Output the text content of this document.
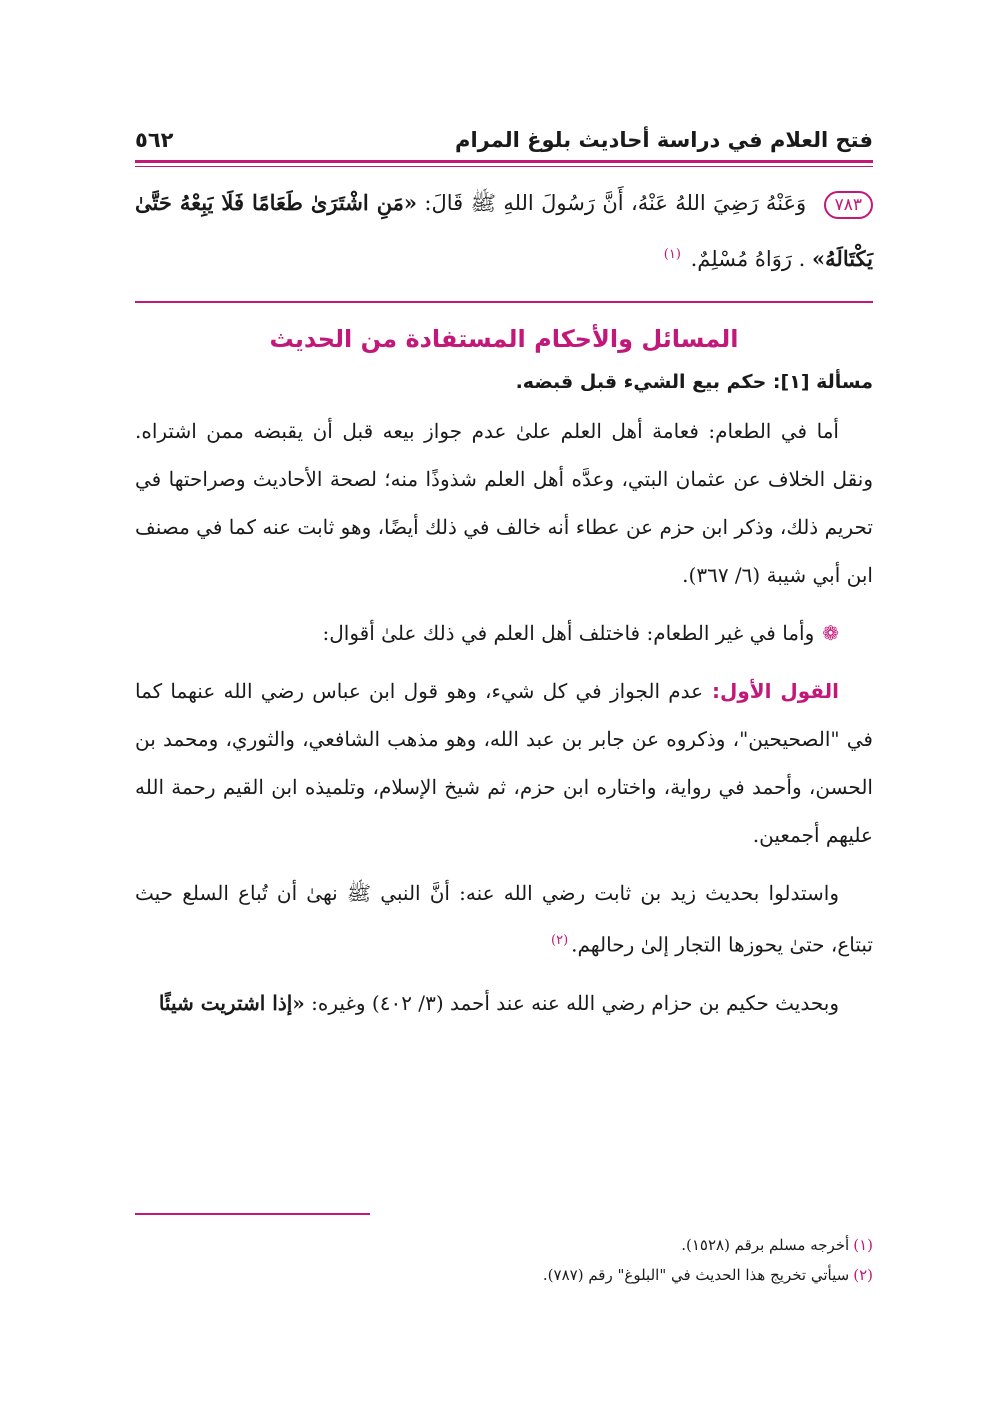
فتح العلام في دراسة أحاديث بلوغ المرام
٥٦٢
٧٨٣ وَعَنْهُ رَضِيَ اللهُ عَنْهُ، أَنَّ رَسُولَ اللهِ ﷺ قَالَ: «مَنِ اشْتَرَىٰ طَعَامًا فَلَا يَبِعْهُ حَتَّىٰ يَكْتَالَهُ» . رَوَاهُ مُسْلِمٌ. $^{(١)}$
المسائل والأحكام المستفادة من الحديث
مسألة [١]: حكم بيع الشيء قبل قبضه.

أما في الطعام: فعامة أهل العلم علىٰ عدم جواز بيعه قبل أن يقبضه ممن اشتراه. ونقل الخلاف عن عثمان البتي، وعدَّه أهل العلم شذوذًا منه؛ لصحة الأحاديث وصراحتها في تحريم ذلك، وذكر ابن حزم عن عطاء أنه خالف في ذلك أيضًا، وهو ثابت عنه كما في مصنف ابن أبي شيبة (٦/ ٣٦٧).

❁وأما في غير الطعام: فاختلف أهل العلم في ذلك علىٰ أقوال:

القول الأول: عدم الجواز في كل شيء، وهو قول ابن عباس رضي الله عنهما كما في "الصحيحين"، وذكروه عن جابر بن عبد الله، وهو مذهب الشافعي، والثوري، ومحمد بن الحسن، وأحمد في رواية، واختاره ابن حزم، ثم شيخ الإسلام، وتلميذه ابن القيم رحمة الله عليهم أجمعين.

واستدلوا بحديث زيد بن ثابت رضي الله عنه: أنَّ النبي ﷺ نهىٰ أن تُباع السلع حيث تبتاع، حتىٰ يحوزها التجار إلىٰ رحالهم.$^{(٢)}$

وبحديث حكيم بن حزام رضي الله عنه عند أحمد (٣/ ٤٠٢) وغيره: «إذا اشتريت شيئًا

(١)أخرجه مسلم برقم (١٥٢٨).
(٢)سيأتي تخريج هذا الحديث في "البلوغ" رقم (٧٨٧).
